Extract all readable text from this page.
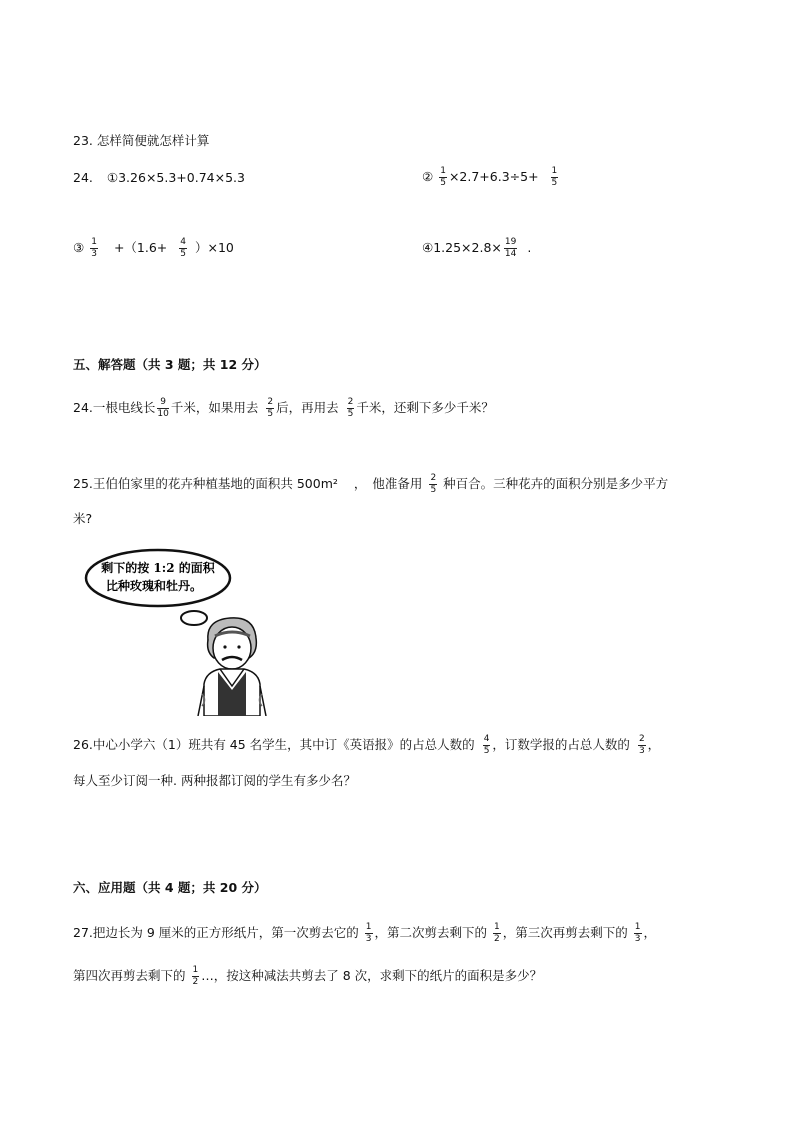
23. 怎样简便就怎样计算
24. ①3.26×5.3+0.74×5.3	② $\frac{1}{5} \times 2.7+6.3\div 5+ \frac{1}{5}$
③ $\frac{1}{3} +(1.6+ \frac{4}{5} )\times 10$	④1.25×2.8× $\frac{19}{14}$ .
五、解答题（共 3 题；共 12 分）
24.一根电线长 $\frac{9}{10}$ 千米，如果用去 $\frac{2}{5}$ 后，再用去 $\frac{2}{5}$ 千米，还剩下多少千米？
25.王伯伯家里的花卉种植基地的面积共 500m² ， 他准备用 $\frac{2}{5}$ 种百合。三种花卉的面积分别是多少平方
米?
剩下的按 1:2 的面积
比种玫瑰和牡丹。
26.中心小学六（1）班共有 45 名学生，其中订《英语报》的占总人数的 $\frac{4}{5}$ ，订数学报的占总人数的 $\frac{2}{3}$ ，
每人至少订阅一种. 两种报都订阅的学生有多少名？
六、应用题（共 4 题；共 20 分）
27.把边长为 9 厘米的正方形纸片，第一次剪去它的 $\frac{1}{3}$ ，第二次剪去剩下的 $\frac{1}{2}$ ，第三次再剪去剩下的 $\frac{1}{3}$ ，
第四次再剪去剩下的 $\frac{1}{2}$ …，按这种减法共剪去了 8 次，求剩下的纸片的面积是多少？
